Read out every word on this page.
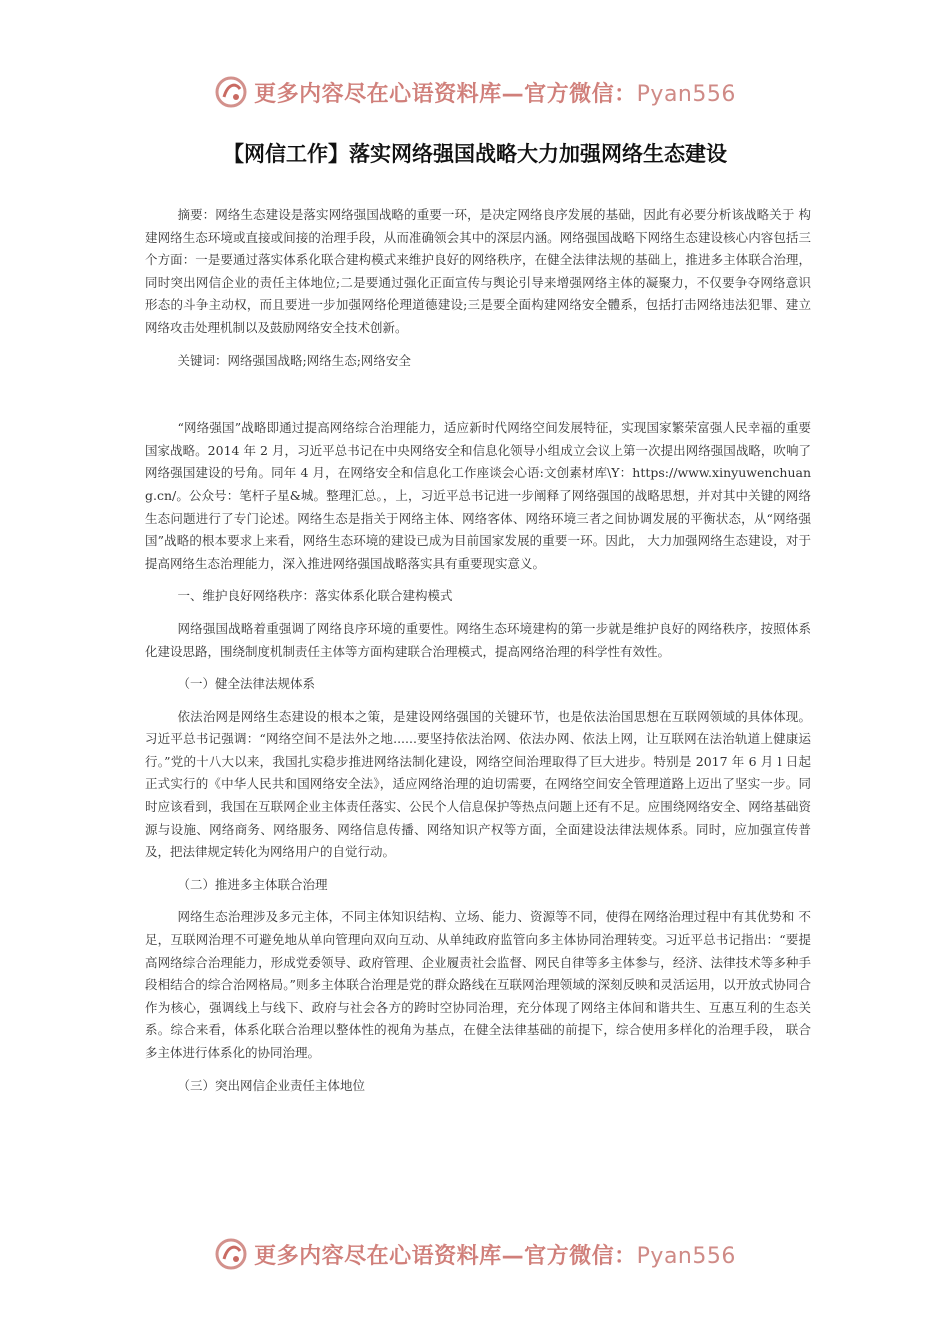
更多内容尽在心语资料库—官方微信：Pyan556
【网信工作】落实网络强国战略大力加强网络生态建设

摘要：网络生态建设是落实网络强国战略的重要一环，是决定网络良序发展的基础，因此有必要分析该战略关于 构建网络生态环境或直接或间接的治理手段，从而准确领会其中的深层内涵。网络强国战略下网络生态建设核心内容包括三个方面：一是要通过落实体系化联合建构模式来维护良好的网络秩序，在健全法律法规的基础上，推进多主体联合治理，同时突出网信企业的责任主体地位;二是要通过强化正面宣传与舆论引导来增强网络主体的凝聚力，不仅要争夺网络意识形态的斗争主动权，而且要进一步加强网络伦理道德建设;三是要全面构建网络安全體系，包括打击网络违法犯罪、建立网络攻击处理机制以及鼓励网络安全技术创新。

关键词：网络强国战略;网络生态;网络安全

“网络强国”战略即通过提高网络综合治理能力，适应新时代网络空间发展特征，实现国家繁荣富强人民幸福的重要国家战略。2014 年 2 月，习近平总书记在中央网络安全和信息化领导小组成立会议上第一次提出网络强国战略，吹响了网络强国建设的号角。同年 4 月，在网络安全和信息化工作座谈会心语:文创素材库\Y：https://www.xinyuwenchuang.cn/。公众号：笔杆子星&城。整理汇总。，上，习近平总书记进一步阐释了网络强国的战略思想，并对其中关键的网络生态问题进行了专门论述。网络生态是指关于网络主体、网络客体、网络环境三者之间协调发展的平衡状态，从“网络强国”战略的根本要求上来看，网络生态环境的建设已成为目前国家发展的重要一环。因此， 大力加强网络生态建设，对于提高网络生态治理能力，深入推进网络强国战略落实具有重要现实意义。

一、维护良好网络秩序：落实体系化联合建构模式

网络强国战略着重强调了网络良序环境的重要性。网络生态环境建构的第一步就是维护良好的网络秩序，按照体系化建设思路，围绕制度机制责任主体等方面构建联合治理模式，提高网络治理的科学性有效性。

（一）健全法律法规体系

依法治网是网络生态建设的根本之策，是建设网络强国的关键环节，也是依法治国思想在互联网领域的具体体现。习近平总书记强调：“网络空间不是法外之地......要坚持依法治网、依法办网、依法上网，让互联网在法治轨道上健康运行。”党的十八大以来，我国扎实稳步推进网络法制化建设，网络空间治理取得了巨大进步。特别是 2017 年 6 月 l 日起正式实行的《中华人民共和国网络安全法》，适应网络治理的迫切需要，在网络空间安全管理道路上迈出了坚实一步。同时应该看到，我国在互联网企业主体责任落实、公民个人信息保护等热点问题上还有不足。应围绕网络安全、网络基础资源与设施、网络商务、网络服务、网络信息传播、网络知识产权等方面，全面建设法律法规体系。同时，应加强宣传普及，把法律规定转化为网络用户的自觉行动。

（二）推进多主体联合治理

网络生态治理涉及多元主体，不同主体知识结构、立场、能力、资源等不同，使得在网络治理过程中有其优势和 不足，互联网治理不可避免地从单向管理向双向互动、从单纯政府监管向多主体协同治理转变。习近平总书记指出：“要提高网络综合治理能力，形成党委领导、政府管理、企业履责社会监督、网民自律等多主体参与，经济、法律技术等多种手段相结合的综合治网格局。”则多主体联合治理是党的群众路线在互联网治理领域的深刻反映和灵活运用，以开放式协同合作为核心，强调线上与线下、政府与社会各方的跨时空协同治理，充分体现了网络主体间和谐共生、互惠互利的生态关系。综合来看，体系化联合治理以整体性的视角为基点，在健全法律基础的前提下，综合使用多样化的治理手段， 联合多主体进行体系化的协同治理。

（三）突出网信企业责任主体地位

更多内容尽在心语资料库—官方微信：Pyan556
